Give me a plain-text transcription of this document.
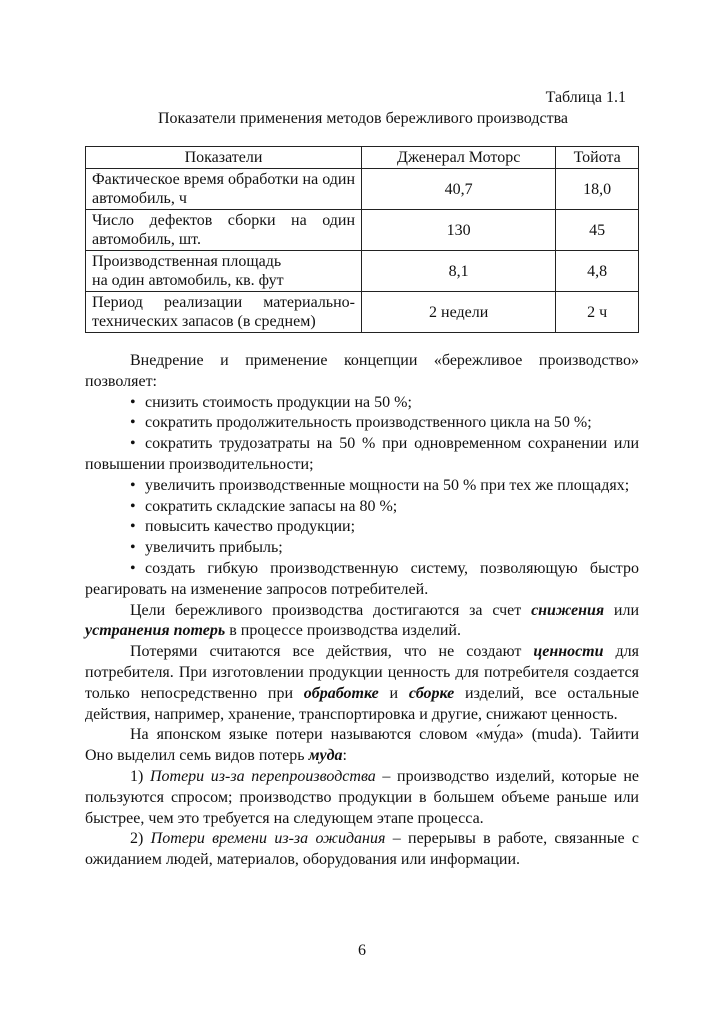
Таблица 1.1
Показатели применения методов бережливого производства
Показатели	Дженерал Моторс	Тойота
Фактическое время обработки на один автомобиль, ч	40,7	18,0
Число дефектов сборки на один автомобиль, шт.	130	45
Производственная площадь
на один автомобиль, кв. фут	8,1	4,8
Период реализации материально-технических запасов (в среднем)	2 недели	2 ч

Внедрение и применение концепции «бережливое производство» позволяет:

• снизить стоимость продукции на 50 %;

• сократить продолжительность производственного цикла на 50 %;

• сократить трудозатраты на 50 % при одновременном сохранении или повышении производительности;

• увеличить производственные мощности на 50 % при тех же площадях;

• сократить складские запасы на 80 %;

• повысить качество продукции;

• увеличить прибыль;

• создать гибкую производственную систему, позволяющую быстро реагировать на изменение запросов потребителей.

Цели бережливого производства достигаются за счет снижения или устранения потерь в процессе производства изделий.

Потерями считаются все действия, что не создают ценности для потребителя. При изготовлении продукции ценность для потребителя создается только непосредственно при обработке и сборке изделий, все остальные действия, например, хранение, транспортировка и другие, снижают ценность.

На японском языке потери называются словом «му́да» (muda). Тайити Оно выделил семь видов потерь муда:

1) Потери из-за перепроизводства – производство изделий, которые не пользуются спросом; производство продукции в большем объеме раньше или быстрее, чем это требуется на следующем этапе процесса.

2) Потери времени из-за ожидания – перерывы в работе, связанные с ожиданием людей, материалов, оборудования или информации.

6
